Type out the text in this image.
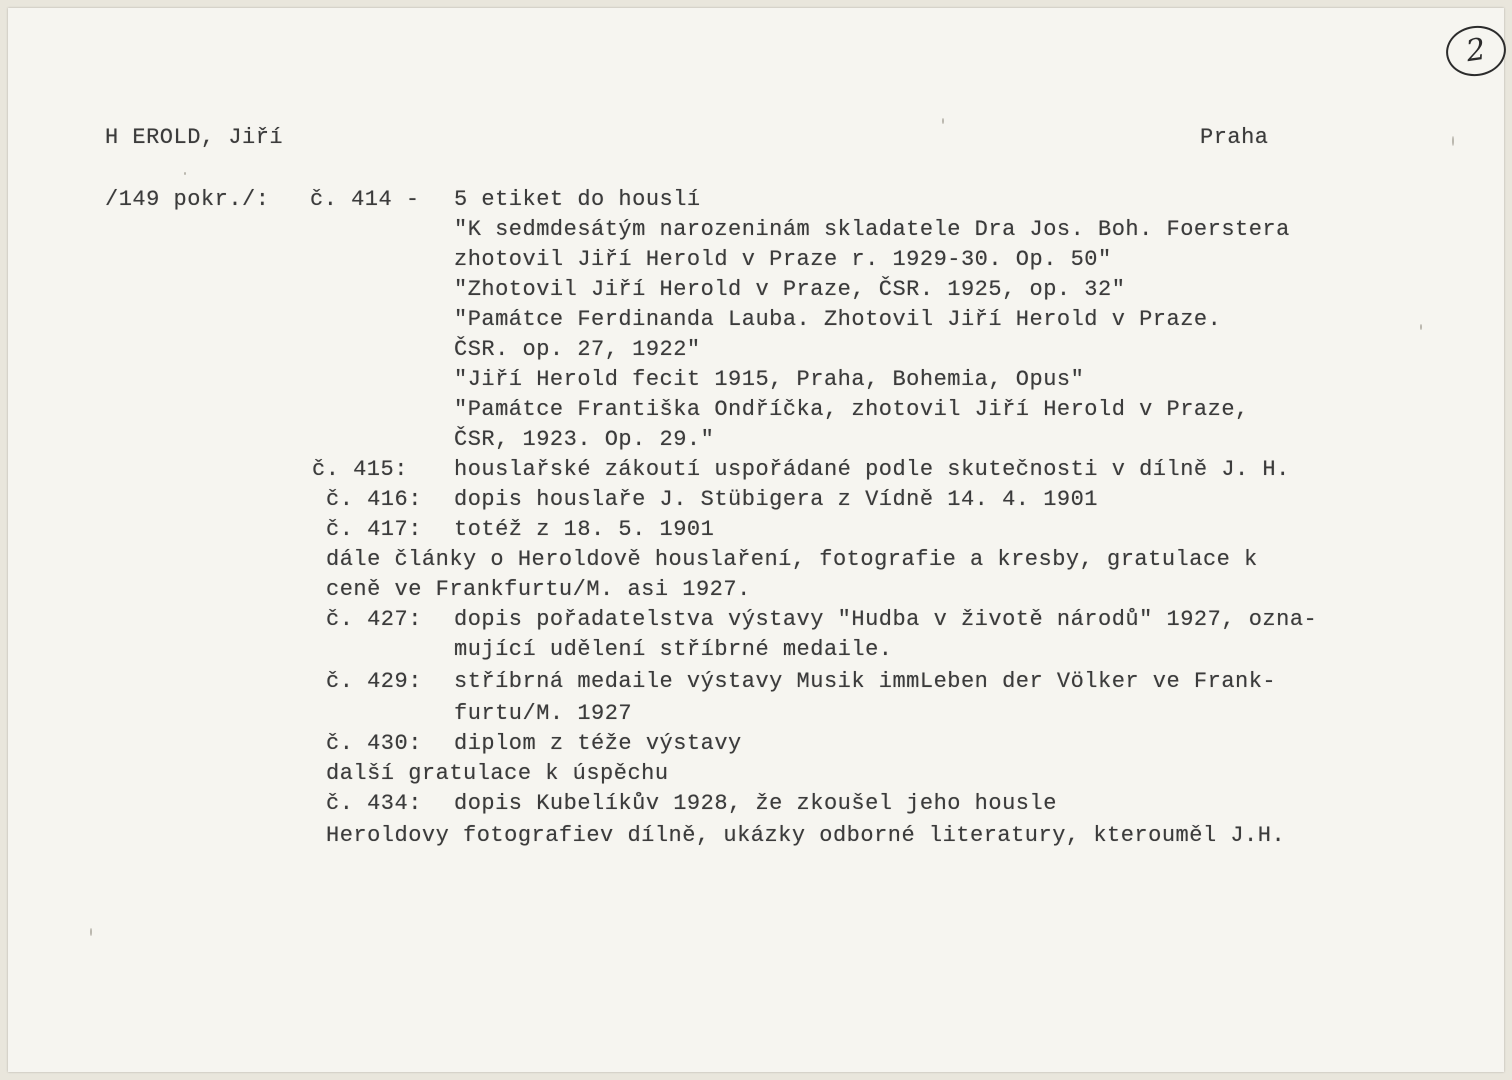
2
H EROLD, Jiří	Praha
/149 pokr./: č. 414 - 5 etiket do houslí
"K sedmdesátým narozeninám skladatele Dra Jos. Boh. Foerstera
zhotovil Jiří Herold v Praze r. 1929-30. Op. 50"
"Zhotovil Jiří Herold v Praze, ČSR. 1925, op. 32"
"Památce Ferdinanda Lauba. Zhotovil Jiří Herold v Praze.
ČSR. op. 27, 1922"
"Jiří Herold fecit 1915, Praha, Bohemia, Opus"
"Památce Františka Ondříčka, zhotovil Jiří Herold v Praze,
ČSR, 1923. Op. 29."
č. 415: houslařské zákoutí uspořádané podle skutečnosti v dílně J. H.
č. 416: dopis houslaře J. Stübigera z Vídně 14. 4. 1901
č. 417: totéž z 18. 5. 1901
dále články o Heroldově houslaření, fotografie a kresby, gratulace k
ceně ve Frankfurtu/M. asi 1927.
č. 427: dopis pořadatelstva výstavy "Hudba v životě národů" 1927, ozna-
mující udělení stříbrné medaile.
č. 429: stříbrná medaile výstavy Musik immLeben der Völker ve Frank-
furtu/M. 1927
č. 430: diplom z téže výstavy
další gratulace k úspěchu
č. 434: dopis Kubelíkův 1928, že zkoušel jeho housle
Heroldovy fotografiev dílně, ukázky odborné literatury, kterouměl J.H.
